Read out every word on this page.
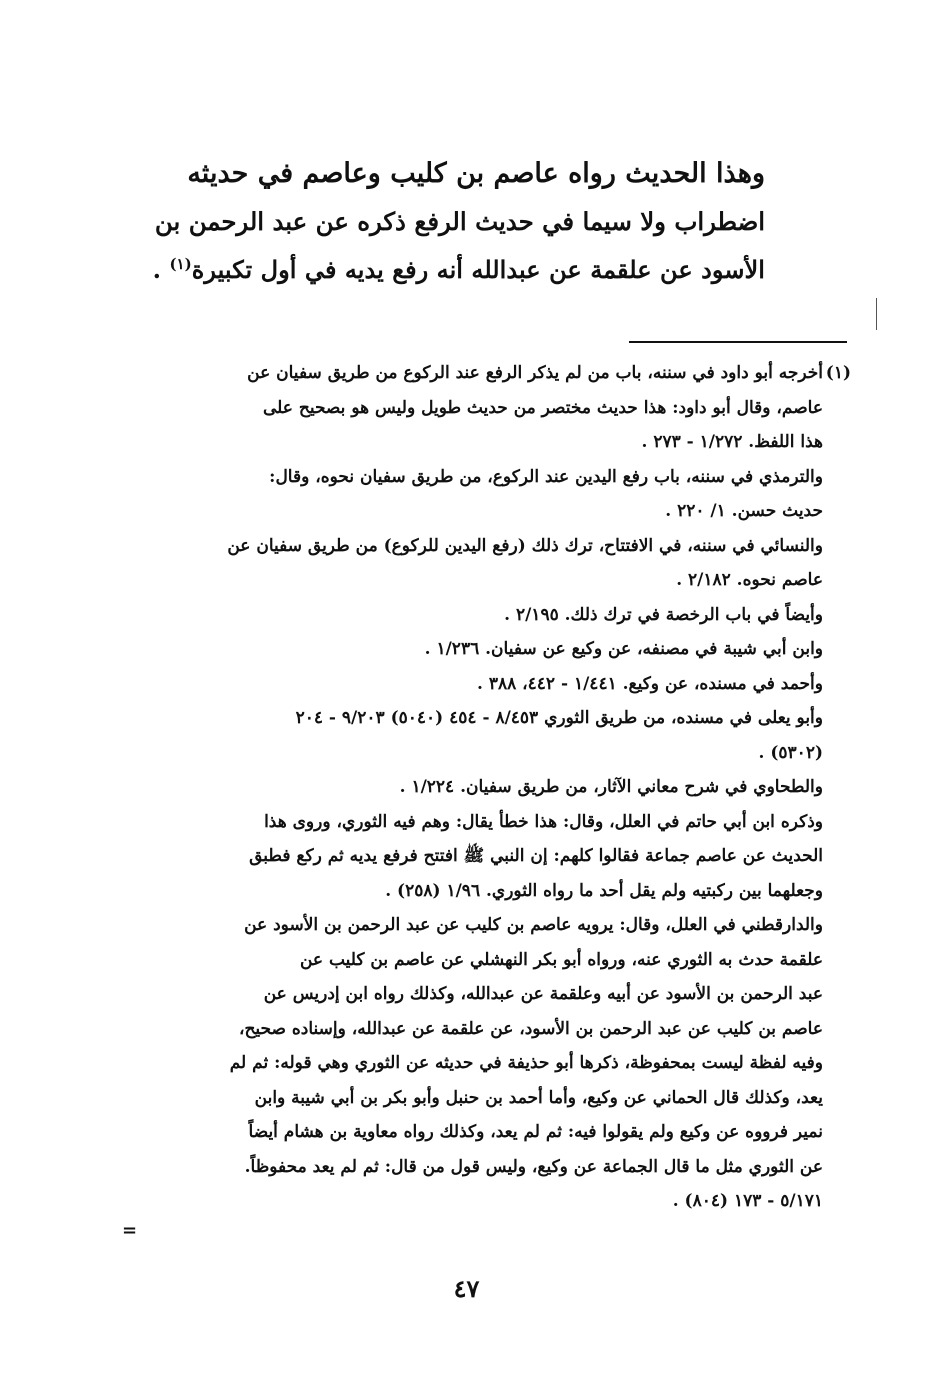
وهذا الحديث رواه عاصم بن كليب وعاصم في حديثه
اضطراب ولا سيما في حديث الرفع ذكره عن عبد الرحمن بن
الأسود عن علقمة عن عبدالله أنه رفع يديه في أول تكبيرة$^{(١)}$ .
(١)
أخرجه أبو داود في سننه، باب من لم يذكر الرفع عند الركوع من طريق سفيان عن
عاصم، وقال أبو داود: هذا حديث مختصر من حديث طويل وليس هو بصحيح على
هذا اللفظ. ١/٢٧٢ - ٢٧٣ .
والترمذي في سننه، باب رفع اليدين عند الركوع، من طريق سفيان نحوه، وقال:
حديث حسن. ١/ ٢٢٠ .
والنسائي في سننه، في الافتتاح، ترك ذلك (رفع اليدين للركوع) من طريق سفيان عن
عاصم نحوه. ٢/١٨٢ .
وأيضاً في باب الرخصة في ترك ذلك. ٢/١٩٥ .
وابن أبي شيبة في مصنفه، عن وكيع عن سفيان. ١/٢٣٦ .
وأحمد في مسنده، عن وكيع. ١/٤٤١ - ٤٤٢، ٣٨٨ .
وأبو يعلى في مسنده، من طريق الثوري ٨/٤٥٣ - ٤٥٤ (٥٠٤٠) ٩/٢٠٣ - ٢٠٤
(٥٣٠٢) .
والطحاوي في شرح معاني الآثار، من طريق سفيان. ١/٢٢٤ .
وذكره ابن أبي حاتم في العلل، وقال: هذا خطأ يقال: وهم فيه الثوري، وروى هذا
الحديث عن عاصم جماعة فقالوا كلهم: إن النبي ﷺ افتتح فرفع يديه ثم ركع فطبق
وجعلهما بين ركبتيه ولم يقل أحد ما رواه الثوري. ١/٩٦ (٢٥٨) .
والدارقطني في العلل، وقال: يرويه عاصم بن كليب عن عبد الرحمن بن الأسود عن
علقمة حدث به الثوري عنه، ورواه أبو بكر النهشلي عن عاصم بن كليب عن
عبد الرحمن بن الأسود عن أبيه وعلقمة عن عبدالله، وكذلك رواه ابن إدريس عن
عاصم بن كليب عن عبد الرحمن بن الأسود، عن علقمة عن عبدالله، وإسناده صحيح،
وفيه لفظة ليست بمحفوظة، ذكرها أبو حذيفة في حديثه عن الثوري وهي قوله: ثم لم
يعد، وكذلك قال الحماني عن وكيع، وأما أحمد بن حنبل وأبو بكر بن أبي شيبة وابن
نمير فرووه عن وكيع ولم يقولوا فيه: ثم لم يعد، وكذلك رواه معاوية بن هشام أيضاً
عن الثوري مثل ما قال الجماعة عن وكيع، وليس قول من قال: ثم لم يعد محفوظاً.
٥/١٧١ - ١٧٣ (٨٠٤) .
=
٤٧
